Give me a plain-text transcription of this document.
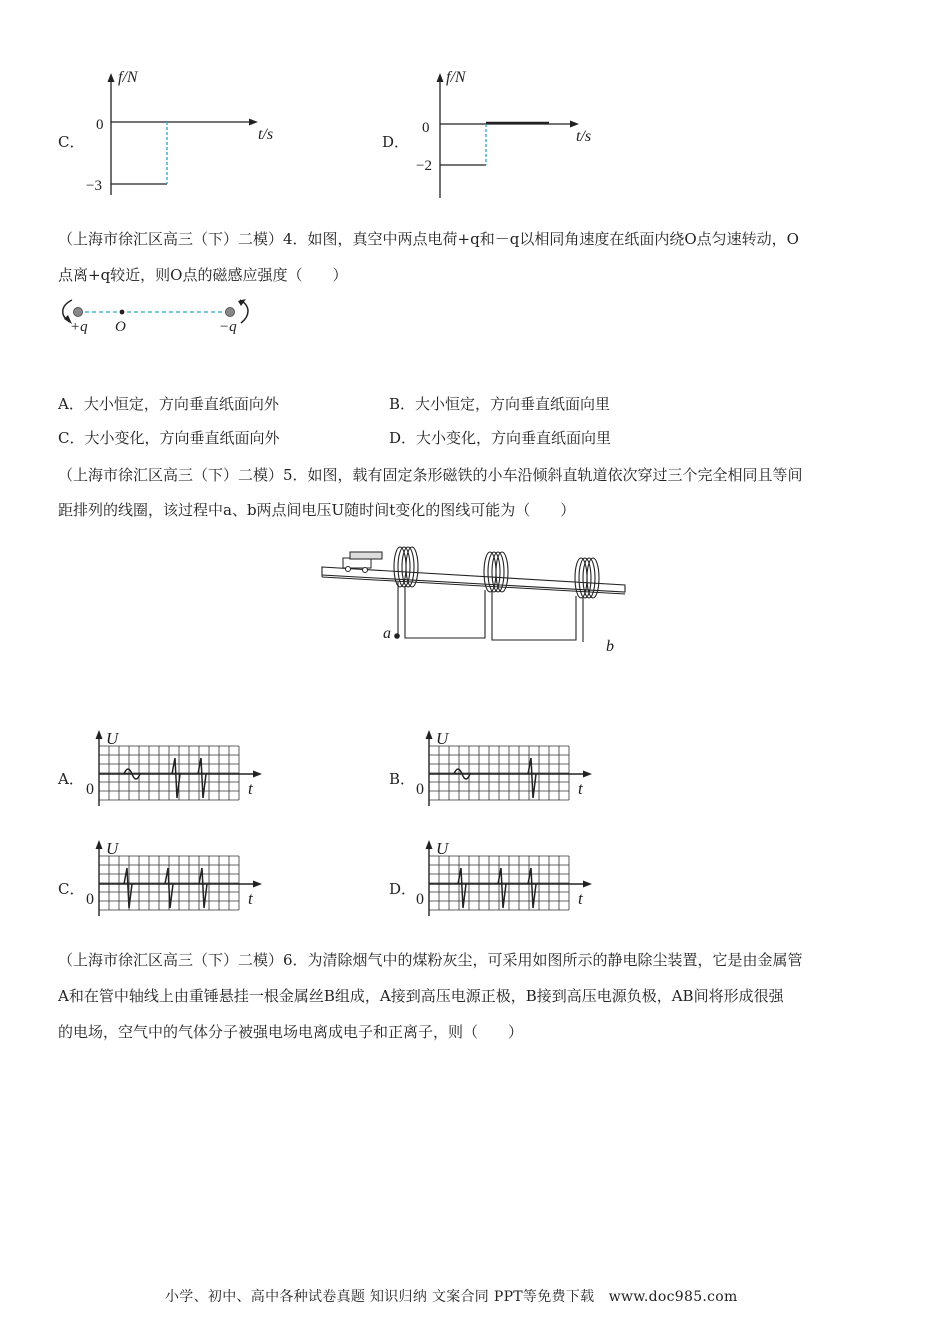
C．
f/N
t/s
0
−3
D．
f/N
t/s
0
−2
（上海市徐汇区高三（下）二模）4．如图，真空中两点电荷+q和－q以相同角速度在纸面内绕O点匀速转动，O
点离+q较近，则O点的磁感应强度（　　）
+q O	−q
A．大小恒定，方向垂直纸面向外	B．大小恒定，方向垂直纸面向里
C．大小变化，方向垂直纸面向外	D．大小变化，方向垂直纸面向里
（上海市徐汇区高三（下）二模）5．如图，载有固定条形磁铁的小车沿倾斜直轨道依次穿过三个完全相同且等间
距排列的线圈，该过程中a、b两点间电压U随时间t变化的图线可能为（　　）
a
b
A．	B．
C．	D．
U
t
0
U
t
0
U
t
0
U
t
0
（上海市徐汇区高三（下）二模）6．为清除烟气中的煤粉灰尘，可采用如图所示的静电除尘装置，它是由金属管
A和在管中轴线上由重锤悬挂一根金属丝B组成，A接到高压电源正极，B接到高压电源负极，AB间将形成很强
的电场，空气中的气体分子被强电场电离成电子和正离子，则（　　）
小学、初中、高中各种试卷真题 知识归纳 文案合同 PPT等免费下载　www.doc985.com
